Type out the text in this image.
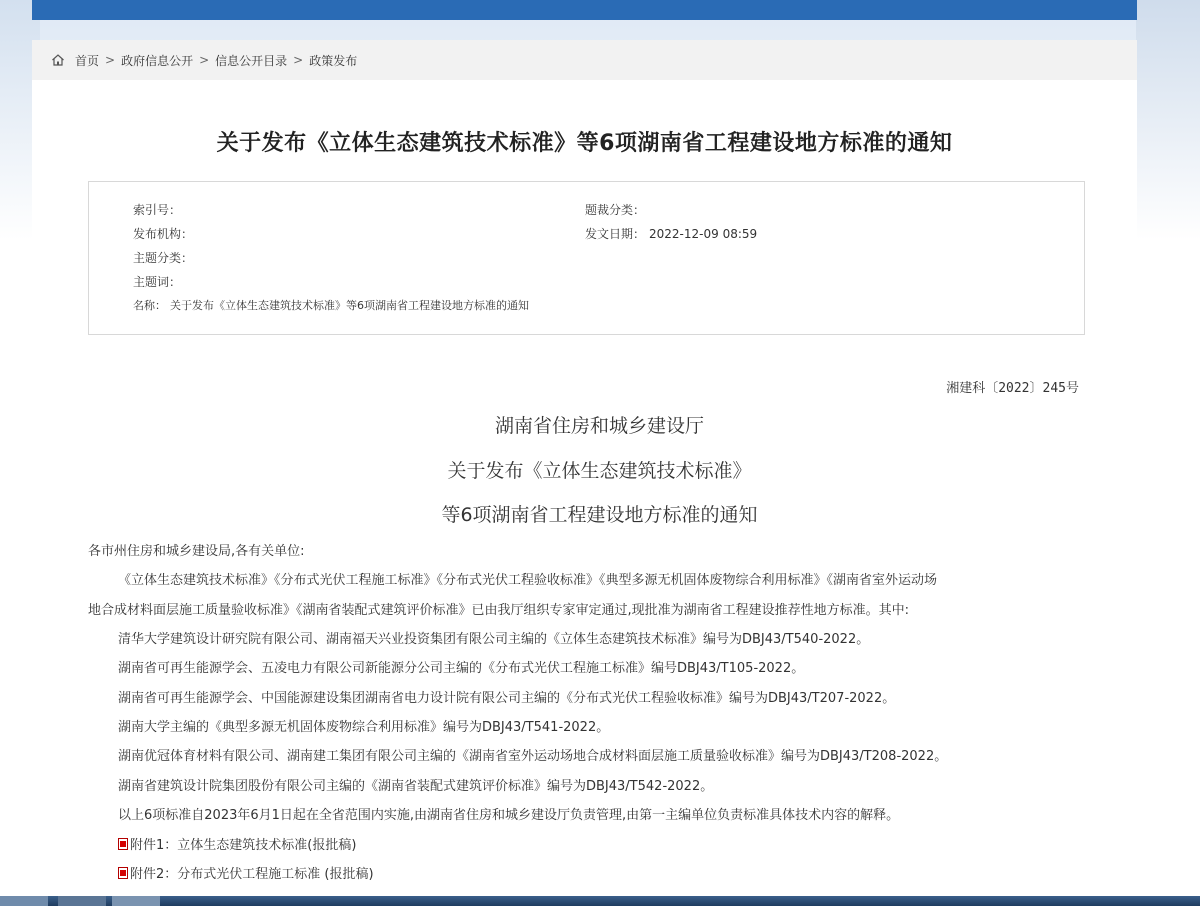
首页 > 政府信息公开 > 信息公开目录 > 政策发布
关于发布《立体生态建筑技术标准》等6项湖南省工程建设地方标准的通知
索引号：	题裁分类：
发布机构：	发文日期： 2022-12-09 08:59
主题分类：
主题词：
名称： 关于发布《立体生态建筑技术标准》等6项湖南省工程建设地方标准的通知
湘建科〔2022〕245号
湖南省住房和城乡建设厅
关于发布《立体生态建筑技术标准》
等6项湖南省工程建设地方标准的通知
各市州住房和城乡建设局,各有关单位:
《立体生态建筑技术标准》《分布式光伏工程施工标准》《分布式光伏工程验收标准》《典型多源无机固体废物综合利用标准》《湖南省室外运动场
地合成材料面层施工质量验收标准》《湖南省装配式建筑评价标准》已由我厅组织专家审定通过,现批准为湖南省工程建设推荐性地方标准。其中:
清华大学建筑设计研究院有限公司、湖南福天兴业投资集团有限公司主编的《立体生态建筑技术标准》编号为DBJ43/T540-2022。
湖南省可再生能源学会、五凌电力有限公司新能源分公司主编的《分布式光伏工程施工标准》编号DBJ43/T105-2022。
湖南省可再生能源学会、中国能源建设集团湖南省电力设计院有限公司主编的《分布式光伏工程验收标准》编号为DBJ43/T207-2022。
湖南大学主编的《典型多源无机固体废物综合利用标准》编号为DBJ43/T541-2022。
湖南优冠体育材料有限公司、湖南建工集团有限公司主编的《湖南省室外运动场地合成材料面层施工质量验收标准》编号为DBJ43/T208-2022。
湖南省建筑设计院集团股份有限公司主编的《湖南省装配式建筑评价标准》编号为DBJ43/T542-2022。
以上6项标准自2023年6月1日起在全省范围内实施,由湖南省住房和城乡建设厅负责管理,由第一主编单位负责标准具体技术内容的解释。
附件1：立体生态建筑技术标准(报批稿)
附件2：分布式光伏工程施工标准 (报批稿)
